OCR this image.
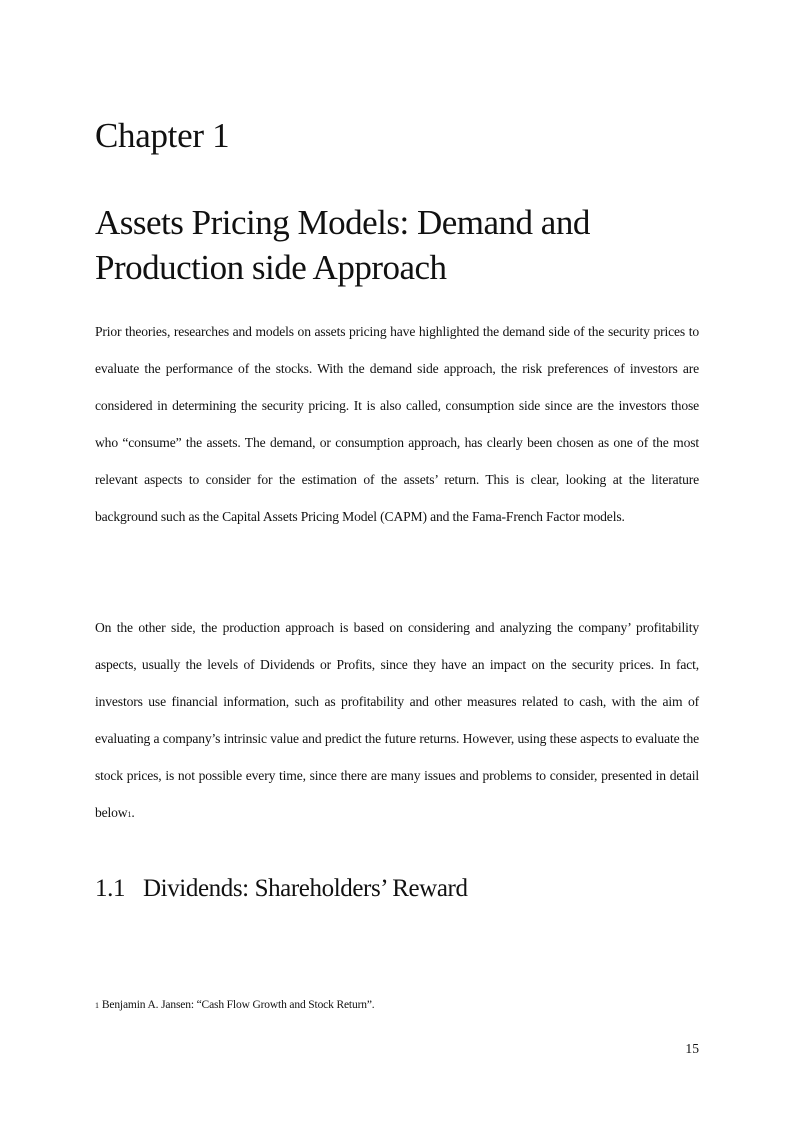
Chapter 1
Assets Pricing Models: Demand and Production side Approach

Prior theories, researches and models on assets pricing have highlighted the demand side of the security prices to evaluate the performance of the stocks. With the demand side approach, the risk preferences of investors are considered in determining the security pricing. It is also called, consumption side since are the investors those who “consume” the assets. The demand, or consumption approach, has clearly been chosen as one of the most relevant aspects to consider for the estimation of the assets’ return. This is clear, looking at the literature background such as the Capital Assets Pricing Model (CAPM) and the Fama-French Factor models.

On the other side, the production approach is based on considering and analyzing the company’ profitability aspects, usually the levels of Dividends or Profits, since they have an impact on the security prices. In fact, investors use financial information, such as profitability and other measures related to cash, with the aim of evaluating a company’s intrinsic value and predict the future returns. However, using these aspects to evaluate the stock prices, is not possible every time, since there are many issues and problems to consider, presented in detail below1.

1.1 Dividends: Shareholders’ Reward

1 Benjamin A. Jansen: “Cash Flow Growth and Stock Return”.

15
